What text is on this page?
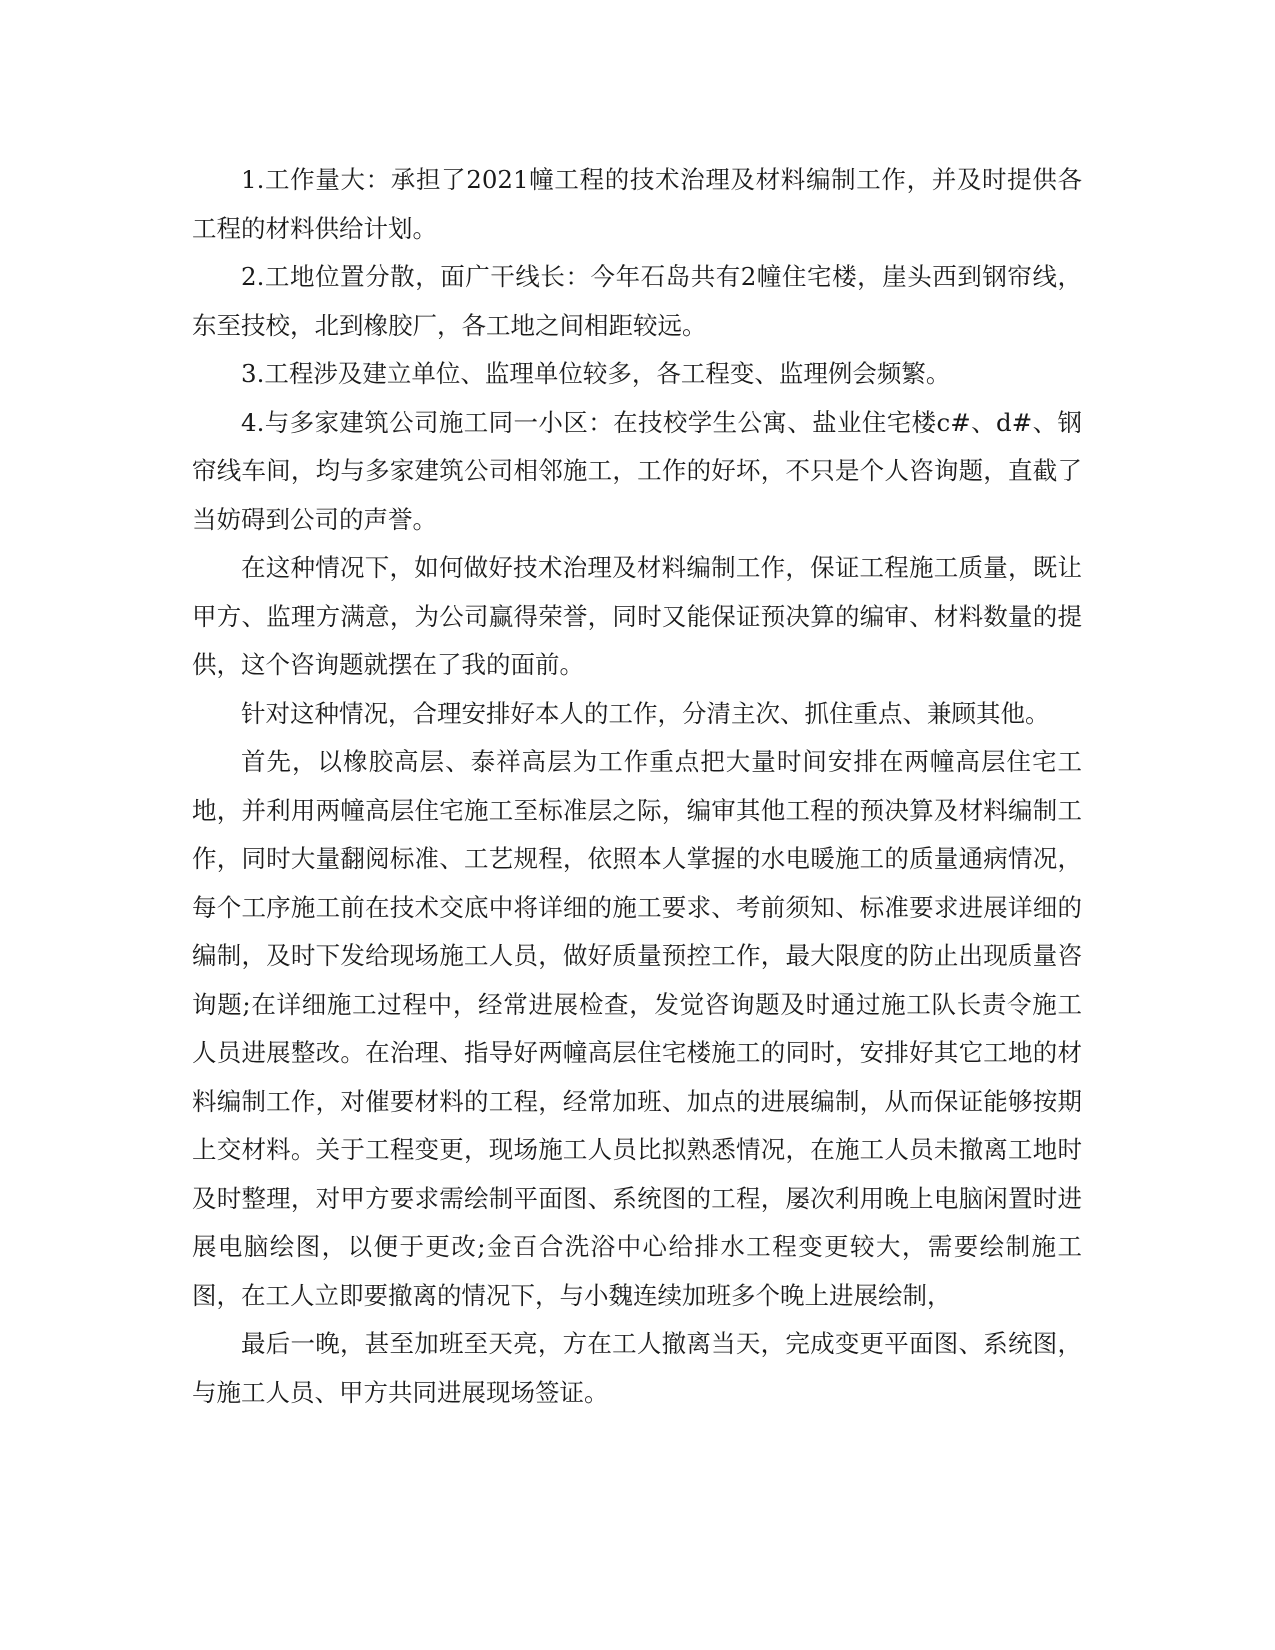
1.工作量大：承担了2021幢工程的技术治理及材料编制工作，并及时提供各工程的材料供给计划。

2.工地位置分散，面广干线长：今年石岛共有2幢住宅楼，崖头西到钢帘线，东至技校，北到橡胶厂，各工地之间相距较远。

3.工程涉及建立单位、监理单位较多，各工程变、监理例会频繁。

4.与多家建筑公司施工同一小区：在技校学生公寓、盐业住宅楼c#、d#、钢帘线车间，均与多家建筑公司相邻施工，工作的好坏，不只是个人咨询题，直截了当妨碍到公司的声誉。

在这种情况下，如何做好技术治理及材料编制工作，保证工程施工质量，既让甲方、监理方满意，为公司赢得荣誉，同时又能保证预决算的编审、材料数量的提供，这个咨询题就摆在了我的面前。

针对这种情况，合理安排好本人的工作，分清主次、抓住重点、兼顾其他。

首先，以橡胶高层、泰祥高层为工作重点把大量时间安排在两幢高层住宅工地，并利用两幢高层住宅施工至标准层之际，编审其他工程的预决算及材料编制工作，同时大量翻阅标准、工艺规程，依照本人掌握的水电暖施工的质量通病情况，每个工序施工前在技术交底中将详细的施工要求、考前须知、标准要求进展详细的编制，及时下发给现场施工人员，做好质量预控工作，最大限度的防止出现质量咨询题;在详细施工过程中，经常进展检查，发觉咨询题及时通过施工队长责令施工人员进展整改。在治理、指导好两幢高层住宅楼施工的同时，安排好其它工地的材料编制工作，对催要材料的工程，经常加班、加点的进展编制，从而保证能够按期上交材料。关于工程变更，现场施工人员比拟熟悉情况，在施工人员未撤离工地时及时整理，对甲方要求需绘制平面图、系统图的工程，屡次利用晚上电脑闲置时进展电脑绘图，以便于更改;金百合洗浴中心给排水工程变更较大，需要绘制施工图，在工人立即要撤离的情况下，与小魏连续加班多个晚上进展绘制，

最后一晚，甚至加班至天亮，方在工人撤离当天，完成变更平面图、系统图，与施工人员、甲方共同进展现场签证。
